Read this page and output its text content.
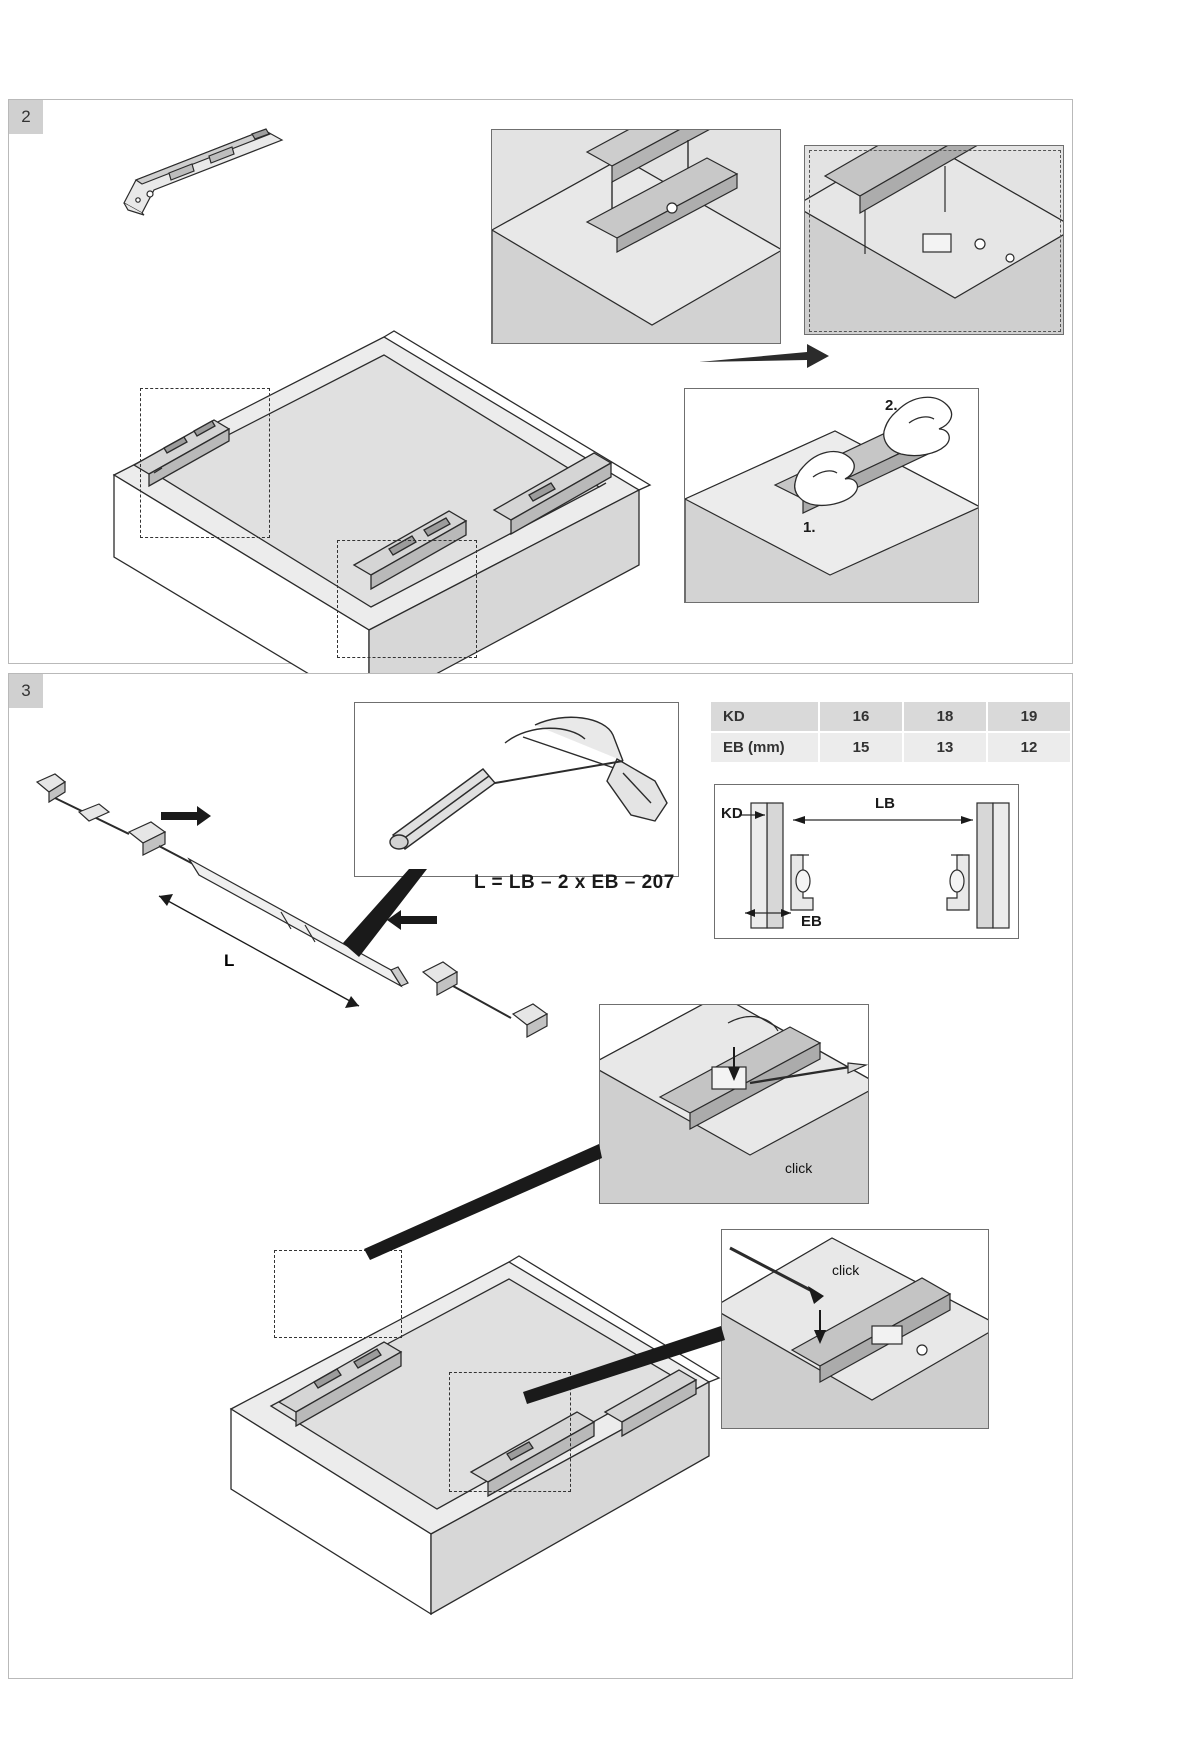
2
1.
2.
3
L
L = LB – 2 x EB – 207
KD	16	18	19
EB (mm)	15	13	12
LB
KD
EB
click
click
